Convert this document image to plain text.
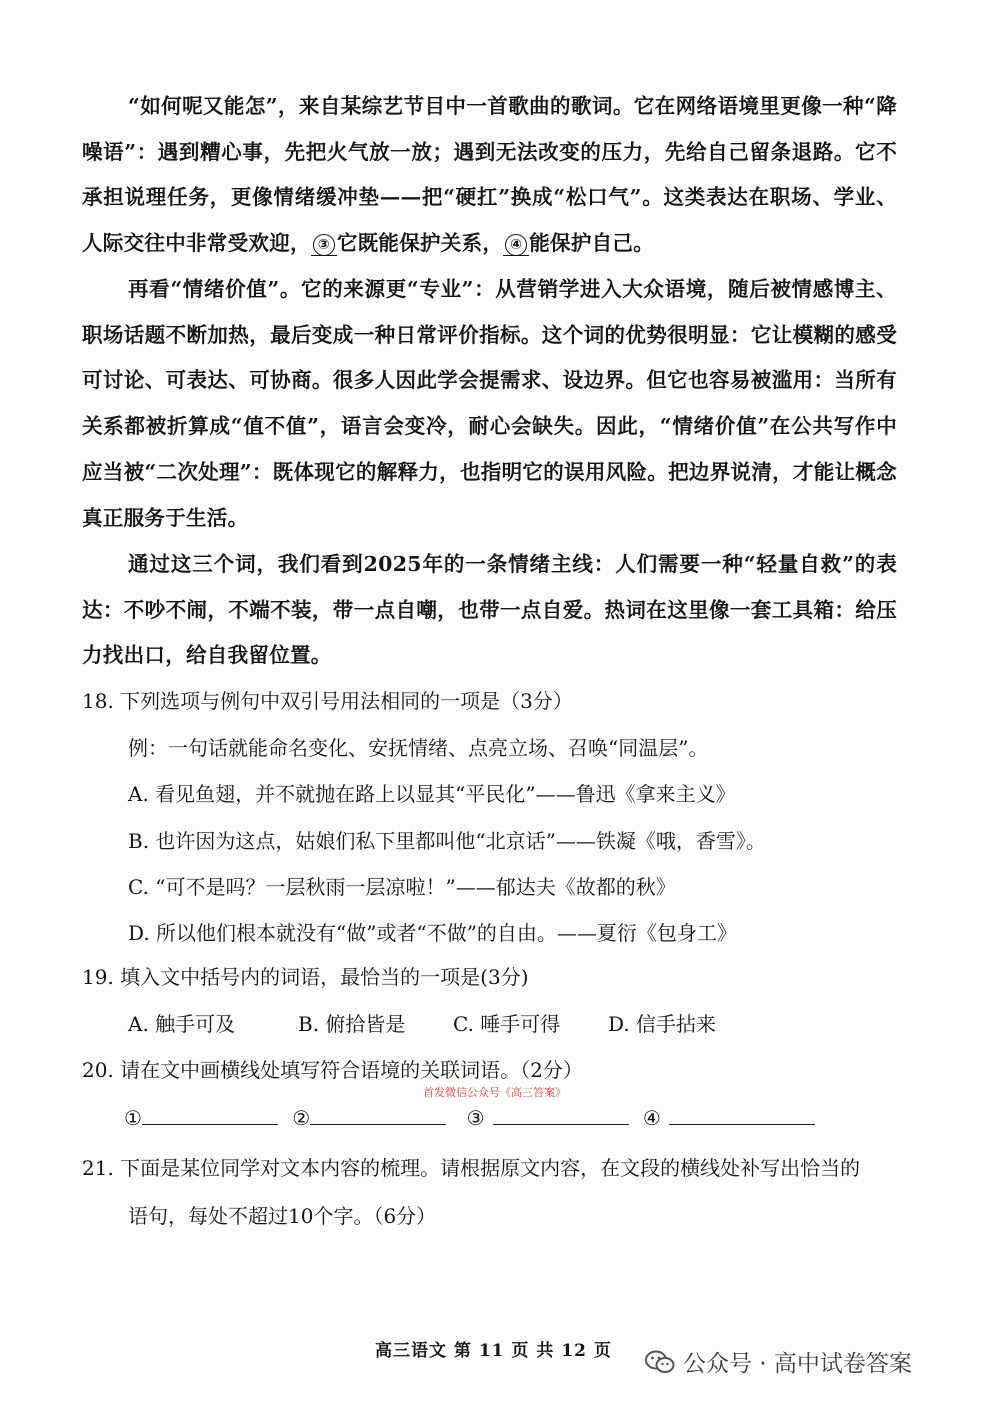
“如何呢又能怎”，来自某综艺节目中一首歌曲的歌词。它在网络语境里更像一种“降噪语”：遇到糟心事，先把火气放一放；遇到无法改变的压力，先给自己留条退路。它不承担说理任务，更像情绪缓冲垫——把“硬扛”换成“松口气”。这类表达在职场、学业、人际交往中非常受欢迎， ③ 它既能保护关系， ④ 能保护自己。

再看“情绪价值”。它的来源更“专业”：从营销学进入大众语境，随后被情感博主、职场话题不断加热，最后变成一种日常评价指标。这个词的优势很明显：它让模糊的感受可讨论、可表达、可协商。很多人因此学会提需求、设边界。但它也容易被滥用：当所有关系都被折算成“值不值”，语言会变冷，耐心会缺失。因此，“情绪价值”在公共写作中应当被“二次处理”：既体现它的解释力，也指明它的误用风险。把边界说清，才能让概念真正服务于生活。

通过这三个词，我们看到2025年的一条情绪主线：人们需要一种“轻量自救”的表达：不吵不闹，不端不装，带一点自嘲，也带一点自爱。热词在这里像一套工具箱：给压力找出口，给自我留位置。

18. 下列选项与例句中双引号用法相同的一项是（3分）

例：一句话就能命名变化、安抚情绪、点亮立场、召唤“同温层”。

A. 看见鱼翅，并不就抛在路上以显其“平民化”——鲁迅《拿来主义》

B. 也许因为这点，姑娘们私下里都叫他“北京话”——铁凝《哦，香雪》。

C. “可不是吗？一层秋雨一层凉啦！”——郁达夫《故都的秋》

D. 所以他们根本就没有“做”或者“不做”的自由。——夏衍《包身工》

19. 填入文中括号内的词语，最恰当的一项是(3分)

A. 触手可及	B. 俯拾皆是 C. 唾手可得 D. 信手拈来

20. 请在文中画横线处填写符合语境的关联词语。（2分）

首发微信公众号《高三答案》

①	②	③	④

21. 下面是某位同学对文本内容的梳理。请根据原文内容，在文段的横线处补写出恰当的

语句，每处不超过10个字。（6分）

高三语文 第 11 页 共 12 页	公众号 · 高中试卷答案
